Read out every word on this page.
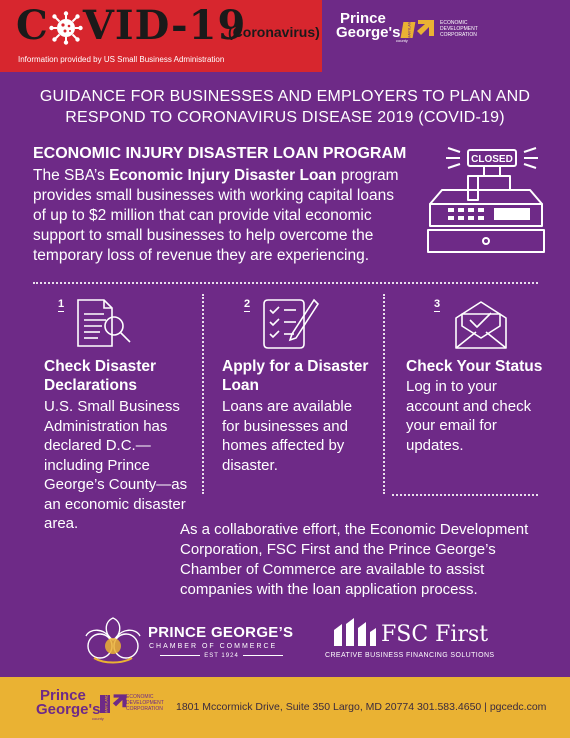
C VID-19
(Coronavirus)
Information provided by US Small Business Administration
Prince
George's
county
MARYLAND	ECONOMIC
DEVELOPMENT
CORPORATION
GUIDANCE FOR BUSINESSES AND EMPLOYERS TO PLAN AND RESPOND TO CORONAVIRUS DISEASE 2019 (COVID-19)
ECONOMIC INJURY DISASTER LOAN PROGRAM
The SBA’s Economic Injury Disaster Loan program provides small businesses with working capital loans of up to $2 million that can provide vital economic support to small businesses to help overcome the temporary loss of revenue they are experiencing.
CLOSED
1
Check Disaster Declarations
U.S. Small Business Administration has declared D.C.—including Prince George’s County—as an economic disaster area.
2
Apply for a Disaster Loan
Loans are available for businesses and homes affected by disaster.
3
Check Your Status
Log in to your account and check your email for updates.
As a collaborative effort, the Economic Development Corporation, FSC First and the Prince George’s Chamber of Commerce are available to assist companies with the loan application process.
PRINCE GEORGE’S
CHAMBER OF COMMERCE
EST 1924
FSC First
CREATIVE BUSINESS FINANCING SOLUTIONS
Prince
George's
county
MARYLAND	ECONOMIC
DEVELOPMENT
CORPORATION 1801 Mccormick Drive, Suite 350 Largo, MD 20774 301.583.4650 | pgcedc.com
